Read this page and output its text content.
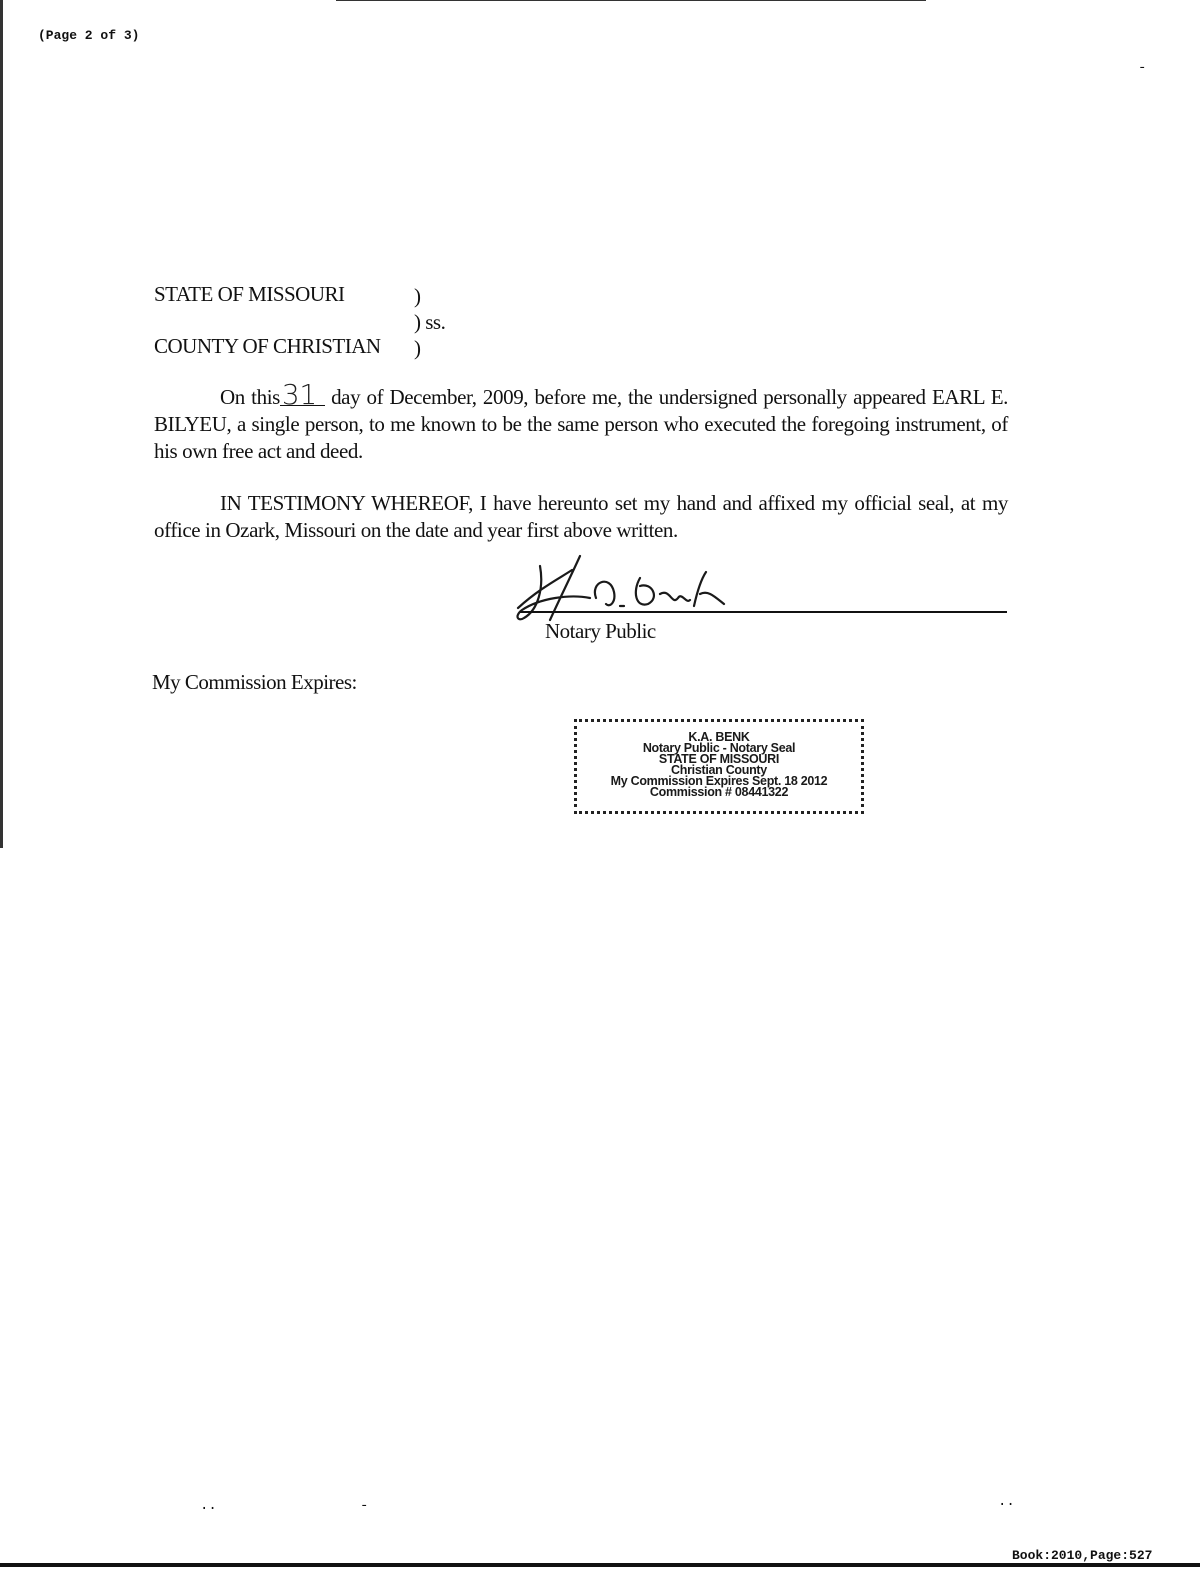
(Page 2 of 3)
-
STATE OF MISSOURI	)
) ss.
COUNTY OF CHRISTIAN )

On this31 day of December, 2009, before me, the undersigned personally appeared EARL E. BILYEU, a single person, to me known to be the same person who executed the foregoing instrument, of his own free act and deed.

IN TESTIMONY WHEREOF, I have hereunto set my hand and affixed my official seal, at my office in Ozark, Missouri on the date and year first above written.

Notary Public
My Commission Expires:
K.A. BENK
Notary Public - Notary Seal
STATE OF MISSOURI
Christian County
My Commission Expires Sept. 18 2012
Commission # 08441322
..	-	..
Book:2010,Page:527
